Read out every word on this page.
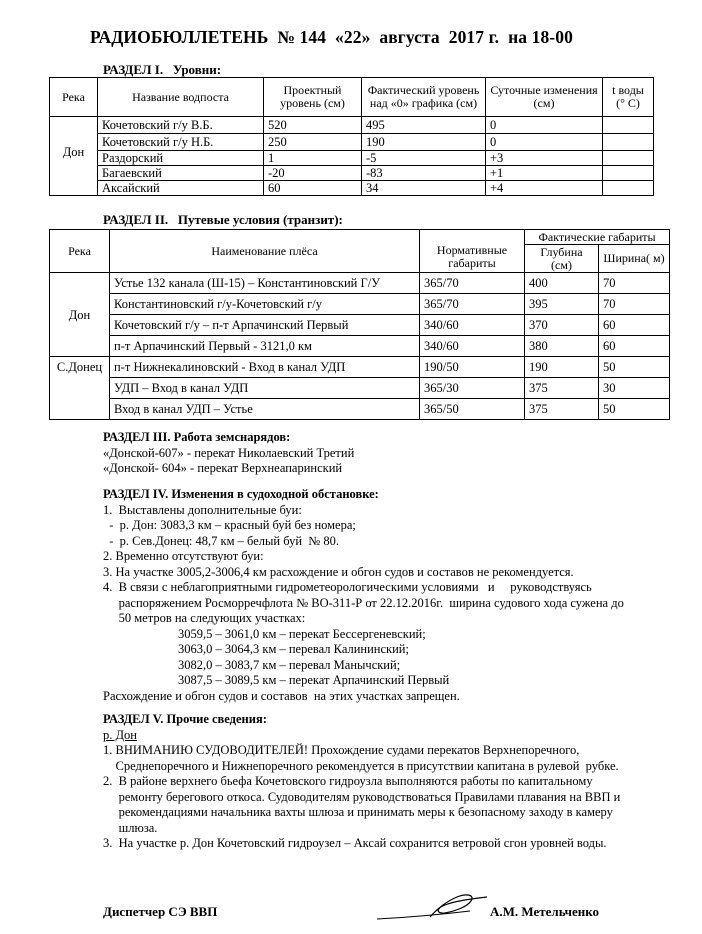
РАДИОБЮЛЛЕТЕНЬ  № 144  «22»  августа  2017 г.  на 18-00
РАЗДЕЛ I.   Уровни:
Река	Название водпоста	Проектный уровень (см)	Фактический уровень над «0» графика (см)	Суточные изменения (см)	t воды (° С)
Дон	Кочетовский г/у В.Б.	520	495	0	
	Кочетовский г/у Н.Б.	250	190	0	
	Раздорский	1	-5	+3	
	Багаевский	-20	-83	+1	
	Аксайский	60	34	+4	
РАЗДЕЛ II.   Путевые условия (транзит):
Река	Наименование плёса	Нормативные габариты	Фактические габариты	
			Глубина (см)	Ширина( м)
Дон	Устье 132 канала (Ш-15) – Константиновский Г/У	365/70	400	70
	Константиновский г/у-Кочетовский г/у	365/70	395	70
	Кочетовский г/у – п-т Арпачинский Первый	340/60	370	60
	п-т Арпачинский Первый - 3121,0 км	340/60	380	60
С.Донец	п-т Нижнекалиновский - Вход в канал УДП	190/50	190	50
	УДП – Вход в канал УДП	365/30	375	30
	Вход в канал УДП – Устье	365/50	375	50
РАЗДЕЛ III. Работа земснарядов:
«Донской-607» - перекат Николаевский Третий
«Донской- 604» - перекат Верхнеапаринский
РАЗДЕЛ IV. Изменения в судоходной обстановке:
1.  Выставлены дополнительные буи:
-  р. Дон: 3083,3 км – красный буй без номера;
-  р. Сев.Донец: 48,7 км – белый буй  № 80.
2. Временно отсутствуют буи:
3. На участке 3005,2-3006,4 км расхождение и обгон судов и составов не рекомендуется.
4.  В связи с неблагоприятными гидрометеорологическими условиями   и     руководствуясь
распоряжением Росморречфлота № ВО-311-Р от 22.12.2016г.  ширина судового хода сужена до
50 метров на следующих участках:
3059,5 – 3061,0 км – перекат Бессергеневский;
3063,0 – 3064,3 км – перевал Калининский;
3082,0 – 3083,7 км – перевал Манычский;
3087,5 – 3089,5 км – перекат Арпачинский Первый
Расхождение и обгон судов и составов  на этих участках запрещен.
РАЗДЕЛ V. Прочие сведения:
р. Дон
1. ВНИМАНИЮ СУДОВОДИТЕЛЕЙ! Прохождение судами перекатов Верхнепоречного,
Среднепоречного и Нижнепоречного рекомендуется в присутствии капитана в рулевой  рубке.
2.  В районе верхнего бьефа Кочетовского гидроузла выполняются работы по капитальному
ремонту берегового откоса. Судоводителям руководствоваться Правилами плавания на ВВП и
рекомендациями начальника вахты шлюза и принимать меры к безопасному заходу в камеру
шлюза.
3.  На участке р. Дон Кочетовский гидроузел – Аксай сохранится ветровой сгон уровней воды.
Диспетчер СЭ ВВП	А.М. Метельченко
